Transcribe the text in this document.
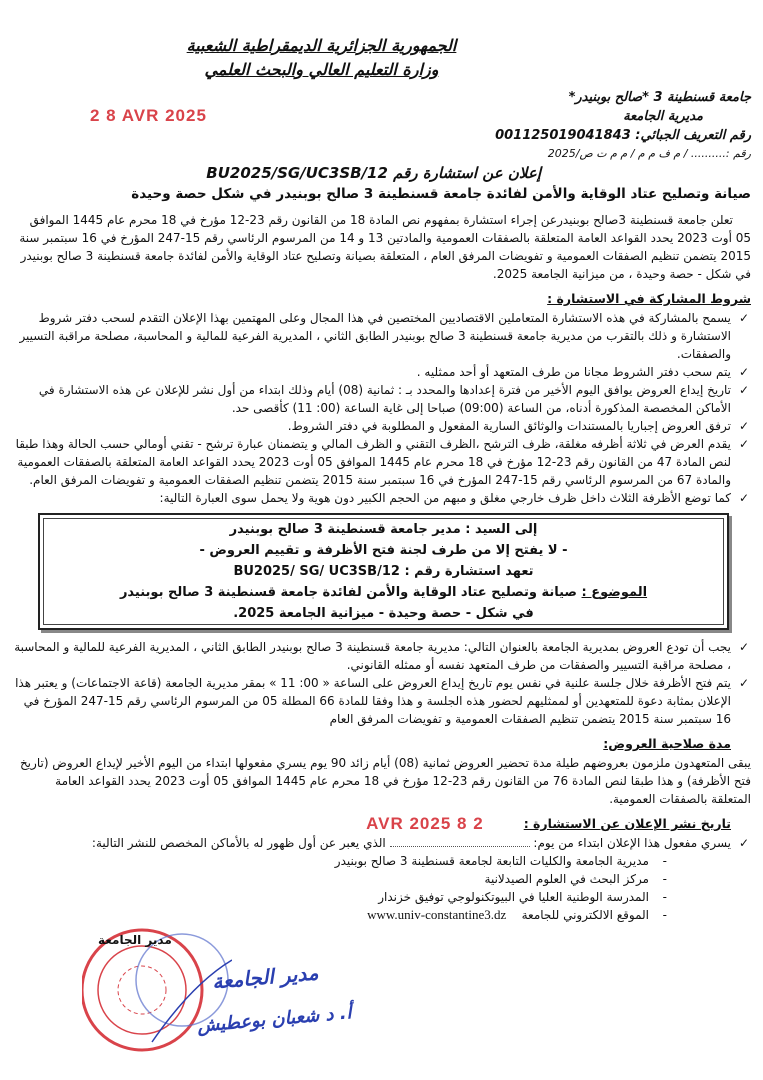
2 8 AVR 2025
الجمهورية الجزائرية الديمقراطية الشعبية
وزارة التعليم العالي والبحث العلمي
جامعة قسنطينة 3 *صالح بوبنيدر*
مديرية الجامعة
رقم التعريف الجبائي: 001125019041843
رقم :.......... / م ف م م / م م ت ص/2025
إعلان عن استشارة رقم BU2025/SG/UC3SB/12
صيانة وتصليح عتاد الوقاية والأمن لفائدة جامعة قسنطينة 3 صالح بوبنيدر في شكل حصة وحيدة
تعلن جامعة قسنطينة 3صالح بوبنيدرعن إجراء استشارة بمفهوم نص المادة 18 من القانون رقم 23-12 مؤرخ في 18 محرم عام 1445 الموافق 05 أوت 2023 يحدد القواعد العامة المتعلقة بالصفقات العمومية والمادتين 13 و 14 من المرسوم الرئاسي رقم 15-247 المؤرخ في 16 سبتمبر سنة 2015 يتضمن تنظيم الصفقات العمومية و تفويضات المرفق العام ، المتعلقة بصيانة وتصليح عتاد الوقاية والأمن لفائدة جامعة قسنطينة 3 صالح بوبنيدر في شكل - حصة وحيدة ، من ميزانية الجامعة 2025.
شروط المشاركة في الاستشارة :
✓ يسمح بالمشاركة في هذه الاستشارة المتعاملين الاقتصاديين المختصين في هذا المجال وعلى المهتمين بهذا الإعلان التقدم لسحب دفتر شروط الاستشارة و ذلك بالتقرب من مديرية جامعة قسنطينة 3 صالح بوبنيدر الطابق الثاني ، المديرية الفرعية للمالية و المحاسبة، مصلحة مراقبة التسيير والصفقات.
✓ يتم سحب دفتر الشروط مجانا من طرف المتعهد أو أحد ممثليه .
✓ تاريخ إيداع العروض يوافق اليوم الأخير من فترة إعدادها والمحدد بـ : ثمانية (08) أيام وذلك ابتداء من أول نشر للإعلان عن هذه الاستشارة في الأماكن المخصصة المذكورة أدناه، من الساعة (09:00) صباحا إلى غاية الساعة (00: 11) كأقصى حد.
✓ ترفق العروض إجباريا بالمستندات والوثائق السارية المفعول و المطلوبة في دفتر الشروط.
✓ يقدم العرض في ثلاثة أظرفه مغلقة، ظرف الترشح ،الظرف التقني و الظرف المالي و يتضمنان عبارة ترشح - تقني أومالي حسب الحالة وهذا طبقا لنص المادة 47 من القانون رقم 23-12 مؤرخ في 18 محرم عام 1445 الموافق 05 أوت 2023 يحدد القواعد العامة المتعلقة بالصفقات العمومية والمادة 67 من المرسوم الرئاسي رقم 15-247 المؤرخ في 16 سبتمبر سنة 2015 يتضمن تنظيم الصفقات العمومية و تفويضات المرفق العام.
✓ كما توضع الأظرفة الثلاث داخل ظرف خارجي مغلق و مبهم من الحجم الكبير دون هوية ولا يحمل سوى العبارة التالية:
إلى السيد : مدير جامعة قسنطينة 3 صالح بوبنيدر
- لا يفتح إلا من طرف لجنة فتح الأظرفة و تقييم العروض -
تعهد استشارة رقم : BU2025/ SG/ UC3SB/12
الموضوع : صيانة وتصليح عتاد الوقاية والأمن لفائدة جامعة قسنطينة 3 صالح بوبنيدر
في شكل - حصة وحيدة - ميزانية الجامعة 2025.
✓ يجب أن تودع العروض بمديرية الجامعة بالعنوان التالي: مديرية جامعة قسنطينة 3 صالح بوبنيدر الطابق الثاني ، المديرية الفرعية للمالية و المحاسبة ، مصلحة مراقبة التسيير والصفقات من طرف المتعهد نفسه أو ممثله القانوني.
✓ يتم فتح الأظرفة خلال جلسة علنية في نفس يوم تاريخ إيداع العروض على الساعة « 00: 11 » بمقر مديرية الجامعة (قاعة الاجتماعات) و يعتبر هذا الإعلان بمثابة دعوة للمتعهدين أو لممثليهم لحضور هذه الجلسة و هذا وفقا للمادة 66 المطلة 05 من المرسوم الرئاسي رقم 15-247 المؤرخ في 16 سبتمبر سنة 2015 يتضمن تنظيم الصفقات العمومية و تفويضات المرفق العام
مدة صلاحية العروض:
يبقى المتعهدون ملزمون بعروضهم طيلة مدة تحضير العروض ثمانية (08) أيام زائد 90 يوم يسري مفعولها ابتداء من اليوم الأخير لإيداع العروض (تاريخ فتح الأظرفة) و هذا طبقا لنص المادة 76 من القانون رقم 23-12 مؤرخ في 18 محرم عام 1445 الموافق 05 أوت 2023 يحدد القواعد العامة المتعلقة بالصفقات العمومية.
تاريخ نشر الإعلان عن الاستشارة :
2 8 AVR 2025
✓
يسري مفعول هذا الإعلان ابتداء من يوم:  الذي يعبر عن أول ظهور له بالأماكن المخصص للنشر التالية:
- مديرية الجامعة والكليات التابعة لجامعة قسنطينة 3 صالح بوبنيدر
- مركز البحث في العلوم الصيدلانية
- المدرسة الوطنية العليا في البيوتكنولوجي توفيق خزندار
- الموقع الالكتروني للجامعة    www.univ-constantine3.dz
مدير الجامعة
مدير الجامعة
أ. د شعبان بوعطيش
